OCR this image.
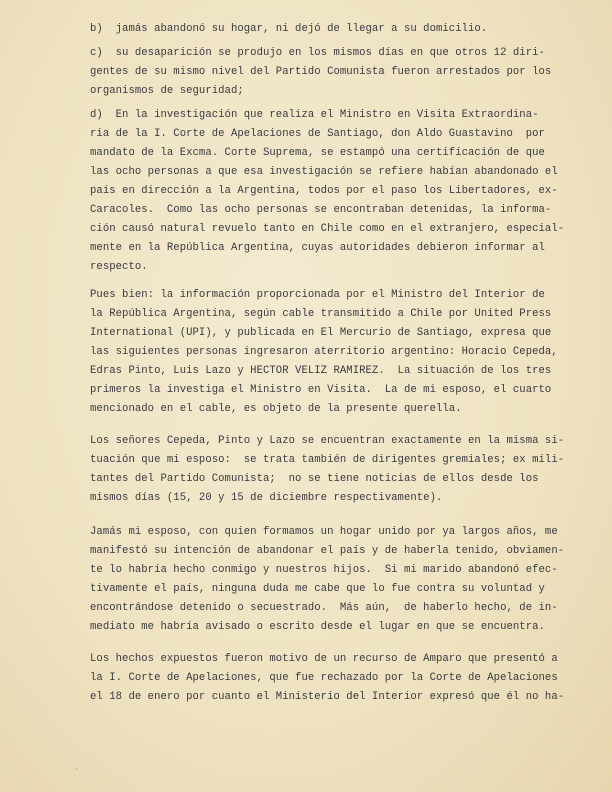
b)  jamás abandonó su hogar, ni dejó de llegar a su domicilio.

c)  su desaparición se produjo en los mismos días en que otros 12 diri-

gentes de su mismo nivel del Partido Comunista fueron arrestados por los

organismos de seguridad;

d)  En la investigación que realiza el Ministro en Visita Extraordina-

ria de la I. Corte de Apelaciones de Santiago, don Aldo Guastavino  por

mandato de la Excma. Corte Suprema, se estampó una certificación de que

las ocho personas a que esa investigación se refiere habían abandonado el

país en dirección a la Argentina, todos por el paso los Libertadores, ex-

Caracoles.  Como las ocho personas se encontraban detenidas, la informa-

ción causó natural revuelo tanto en Chile como en el extranjero, especial-

mente en la República Argentina, cuyas autoridades debieron informar al

respecto.

Pues bien: la información proporcionada por el Ministro del Interior de

la República Argentina, según cable transmitido a Chile por United Press

International (UPI), y publicada en El Mercurio de Santiago, expresa que

las siguientes personas ingresaron aterritorio argentino: Horacio Cepeda,

Edras Pinto, Luis Lazo y HECTOR VELIZ RAMIREZ.  La situación de los tres

primeros la investiga el Ministro en Visita.  La de mi esposo, el cuarto

mencionado en el cable, es objeto de la presente querella.

Los señores Cepeda, Pinto y Lazo se encuentran exactamente en la misma si-

tuación que mi esposo:  se trata también de dirigentes gremiales; ex mili-

tantes del Partido Comunista;  no se tiene noticias de ellos desde los

mismos días (15, 20 y 15 de diciembre respectivamente).

Jamás mi esposo, con quien formamos un hogar unido por ya largos años, me

manifestó su intención de abandonar el país y de haberla tenido, obviamen-

te lo habría hecho conmigo y nuestros hijos.  Si mi marido abandonó efec-

tivamente el país, ninguna duda me cabe que lo fue contra su voluntad y

encontrándose detenido o secuestrado.  Más aún,  de haberlo hecho, de in-

mediato me habría avisado o escrito desde el lugar en que se encuentra.

Los hechos expuestos fueron motivo de un recurso de Amparo que presentó a

la I. Corte de Apelaciones, que fue rechazado por la Corte de Apelaciones

el 18 de enero por cuanto el Ministerio del Interior expresó que él no ha-

ˈ
